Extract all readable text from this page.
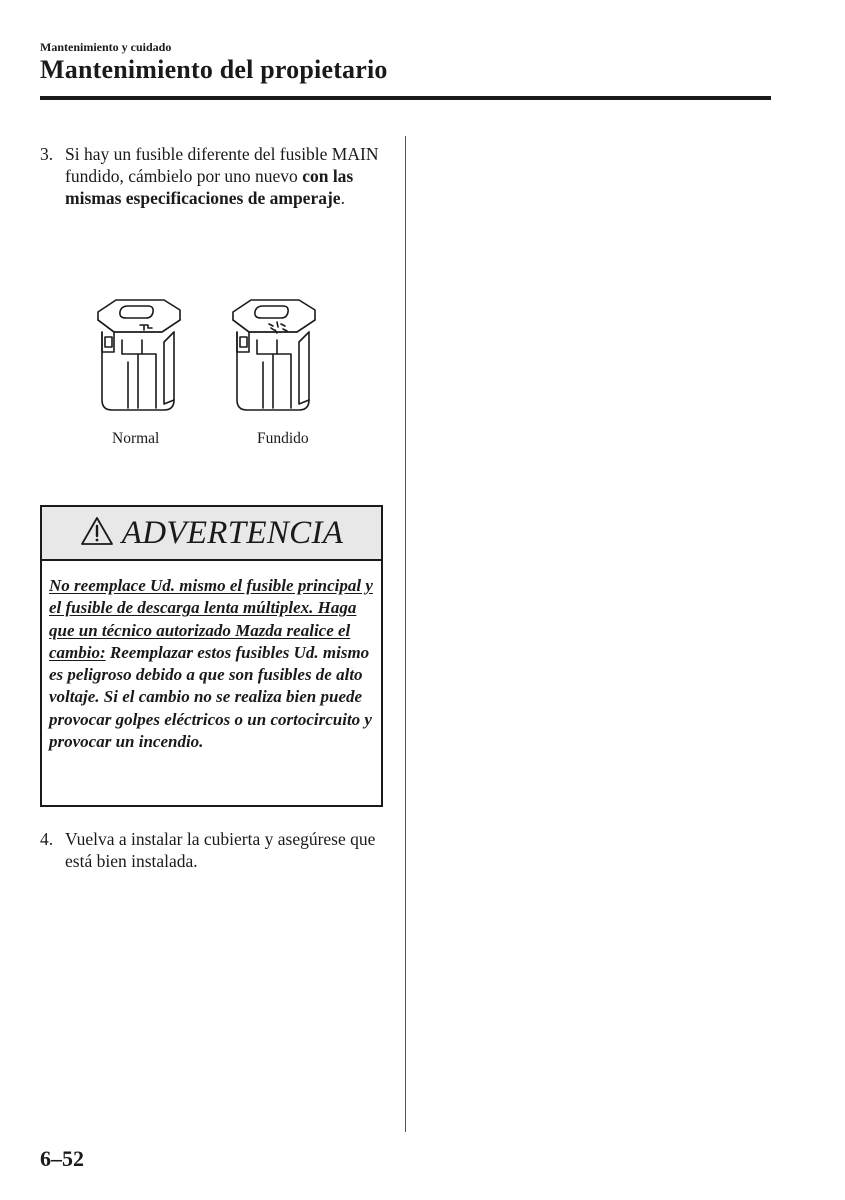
Mantenimiento y cuidado
Mantenimiento del propietario
3. Si hay un fusible diferente del fusible MAIN fundido, cámbielo por uno nuevo con las mismas especificaciones de amperaje.
Normal	Fundido
ADVERTENCIA
No reemplace Ud. mismo el fusible principal y el fusible de descarga lenta múltiplex. Haga que un técnico autorizado Mazda realice el cambio: Reemplazar estos fusibles Ud. mismo es peligroso debido a que son fusibles de alto voltaje. Si el cambio no se realiza bien puede provocar golpes eléctricos o un cortocircuito y provocar un incendio.
4. Vuelva a instalar la cubierta y asegúrese que está bien instalada.
6–52
